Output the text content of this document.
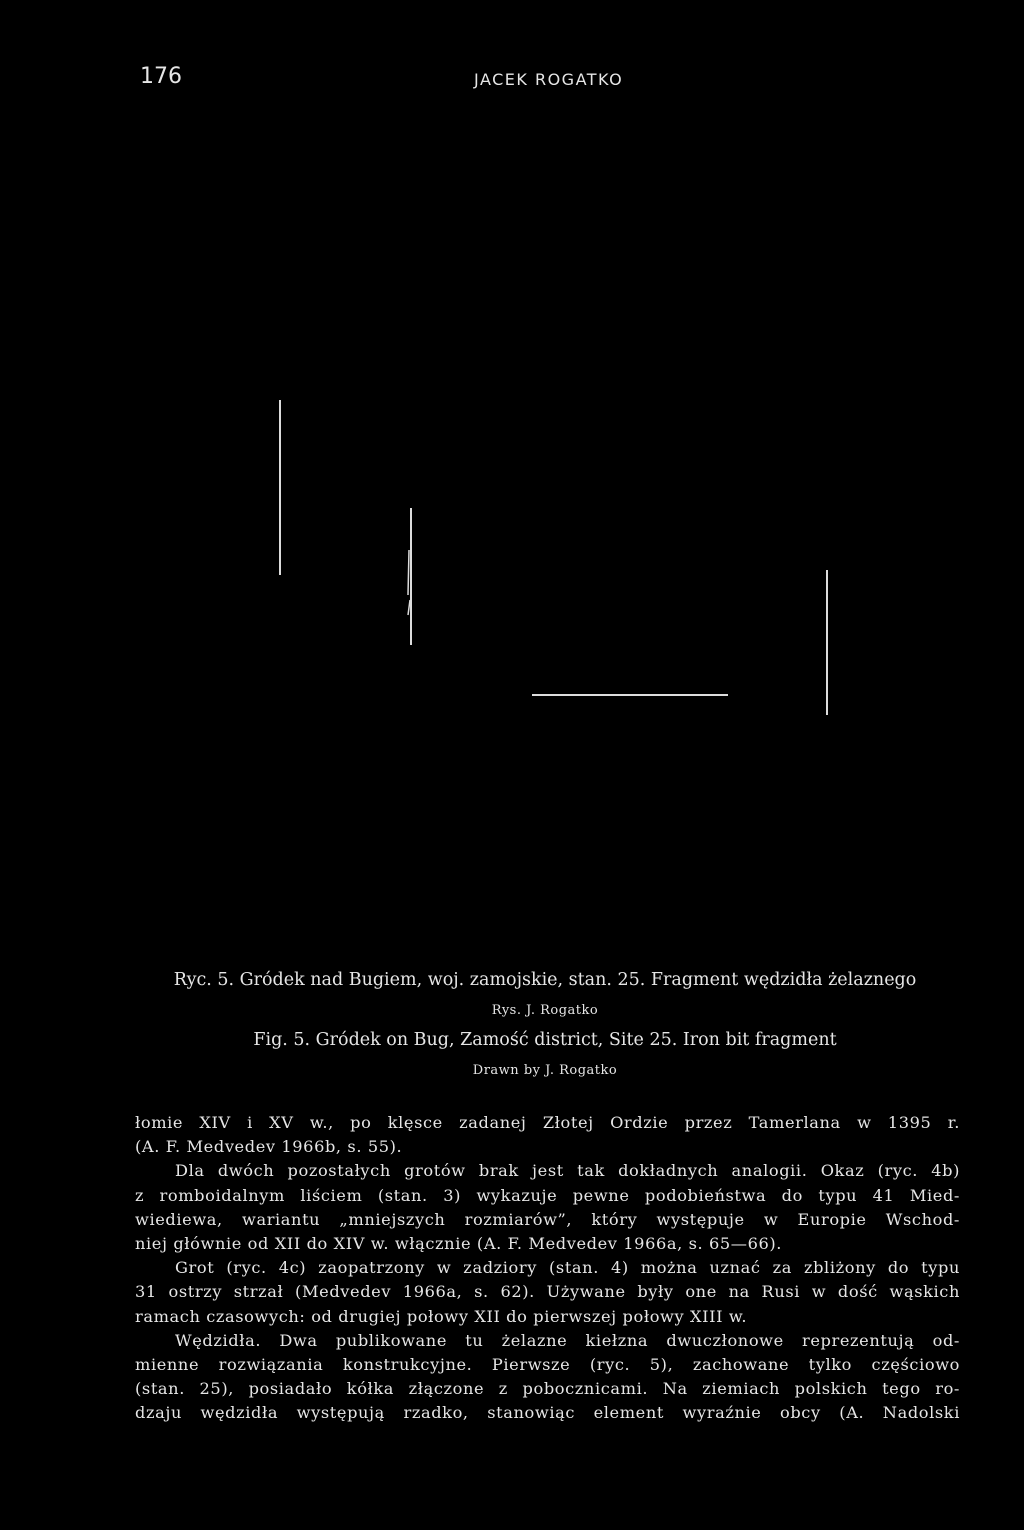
176	JACEK ROGATKO
Ryc. 5. Gródek nad Bugiem, woj. zamojskie, stan. 25. Fragment wędzidła żelaznego
Rys. J. Rogatko
Fig. 5. Gródek on Bug, Zamość district, Site 25. Iron bit fragment
Drawn by J. Rogatko
łomie XIV i XV w., po klęsce zadanej Złotej Ordzie przez Tamerlana w 1395 r.
(A. F. Medvedev 1966b, s. 55).
Dla dwóch pozostałych grotów brak jest tak dokładnych analogii. Okaz (ryc. 4b)
z romboidalnym liściem (stan. 3) wykazuje pewne podobieństwa do typu 41 Mied-
wiediewa, wariantu „mniejszych rozmiarów”, który występuje w Europie Wschod-
niej głównie od XII do XIV w. włącznie (A. F. Medvedev 1966a, s. 65—66).
Grot (ryc. 4c) zaopatrzony w zadziory (stan. 4) można uznać za zbliżony do typu
31 ostrzy strzał (Medvedev 1966a, s. 62). Używane były one na Rusi w dość wąskich
ramach czasowych: od drugiej połowy XII do pierwszej połowy XIII w.
Wędzidła. Dwa publikowane tu żelazne kiełzna dwuczłonowe reprezentują od-
mienne rozwiązania konstrukcyjne. Pierwsze (ryc. 5), zachowane tylko częściowo
(stan. 25), posiadało kółka złączone z pobocznicami. Na ziemiach polskich tego ro-
dzaju wędzidła występują rzadko, stanowiąc element wyraźnie obcy (A. Nadolski
